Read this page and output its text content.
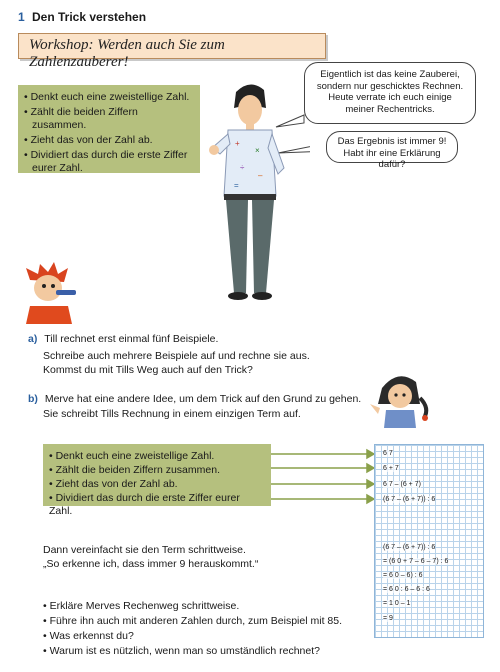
1 Den Trick verstehen
Workshop: Werden auch Sie zum Zahlenzauberer!
• Denkt euch eine zweistellige Zahl.
• Zählt die beiden Ziffern zusammen.
• Zieht das von der Zahl ab.
• Dividiert das durch die erste Ziffer eurer Zahl.
Eigentlich ist das keine Zauberei,
sondern nur geschicktes Rechnen.
Heute verrate ich euch einige
meiner Rechentricks.
Das Ergebnis ist immer 9!
Habt ihr eine Erklärung dafür?
+
×
÷
–
=
a) Till rechnet erst einmal fünf Beispiele.
Schreibe auch mehrere Beispiele auf und rechne sie aus.
Kommst du mit Tills Weg auch auf den Trick?
b) Merve hat eine andere Idee, um dem Trick auf den Grund zu gehen.
Sie schreibt Tills Rechnung in einem einzigen Term auf.
• Denkt euch eine zweistellige Zahl.
• Zählt die beiden Ziffern zusammen.
• Zieht das von der Zahl ab.
• Dividiert das durch die erste Ziffer eurer Zahl.
6 7
6 + 7
6 7 – (6 + 7)
(6 7 – (6 + 7)) : 6
(6 7 – (6 + 7)) : 6
= (6 0 + 7 – 6 – 7) : 6
= 6 0 – 6) : 6
= 6 0 : 6 – 6 : 6
= 1 0 – 1
= 9
Dann vereinfacht sie den Term schrittweise.
„So erkenne ich, dass immer 9 herauskommt.“
• Erkläre Merves Rechenweg schrittweise.
• Führe ihn auch mit anderen Zahlen durch, zum Beispiel mit 85.
• Was erkennst du?
• Warum ist es nützlich, wenn man so umständlich rechnet?
